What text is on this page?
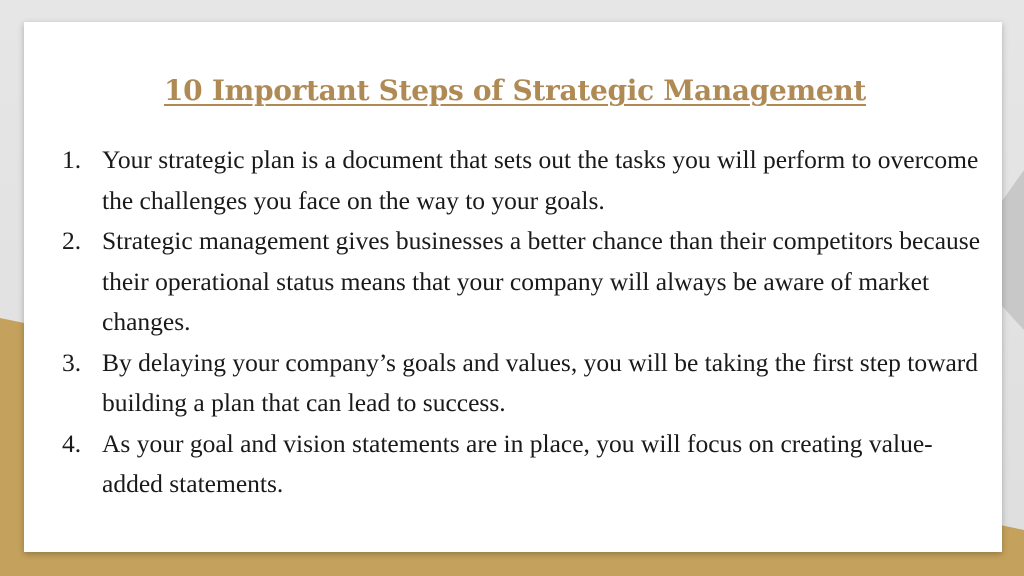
10 Important Steps of Strategic Management
1. Your strategic plan is a document that sets out the tasks you will perform to overcome the challenges you face on the way to your goals.
2. Strategic management gives businesses a better chance than their competitors because their operational status means that your company will always be aware of market changes.
3. By delaying your company’s goals and values, you will be taking the first step toward building a plan that can lead to success.
4. As your goal and vision statements are in place, you will focus on creating value-added statements.
